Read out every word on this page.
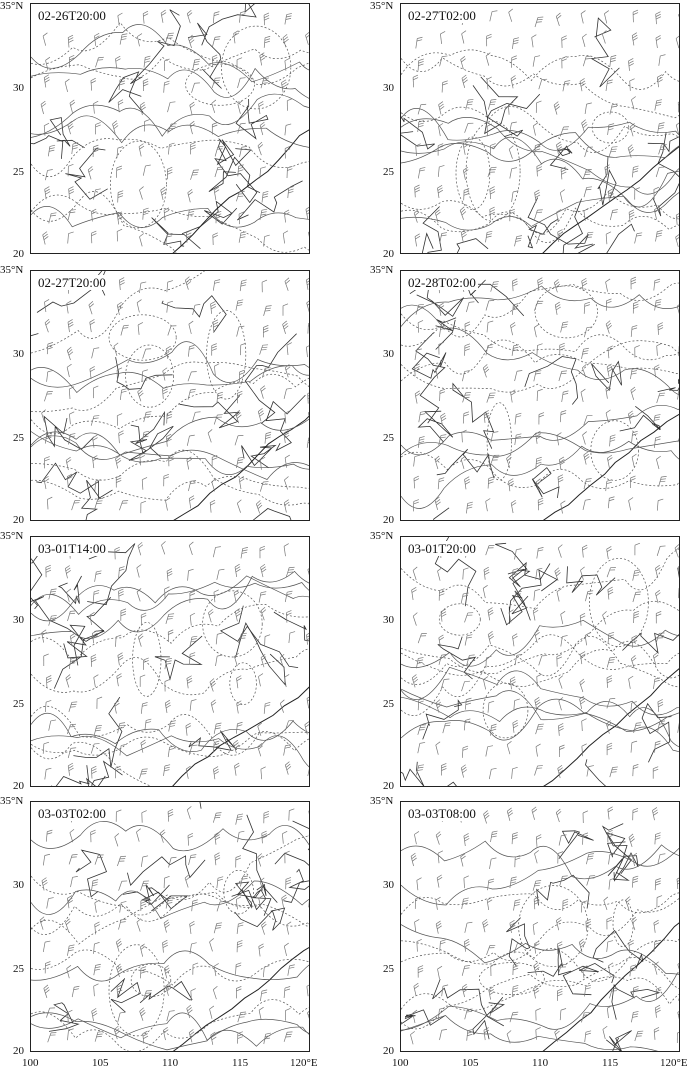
02-26T20:00	02-27T02:00
02-27T20:00	02-28T02:00
03-01T14:00	03-01T20:00
03-03T02:00	03-03T08:00
35°N
30
25
20
35°N
30
25
20
35°N
30
25
20
35°N
30
25
20
35°N
30
25
20
35°N
30
25
20
35°N
30
25
20
35°N
30
25
20
100	105	110	115	120°E	100	105	110	115	120°E
